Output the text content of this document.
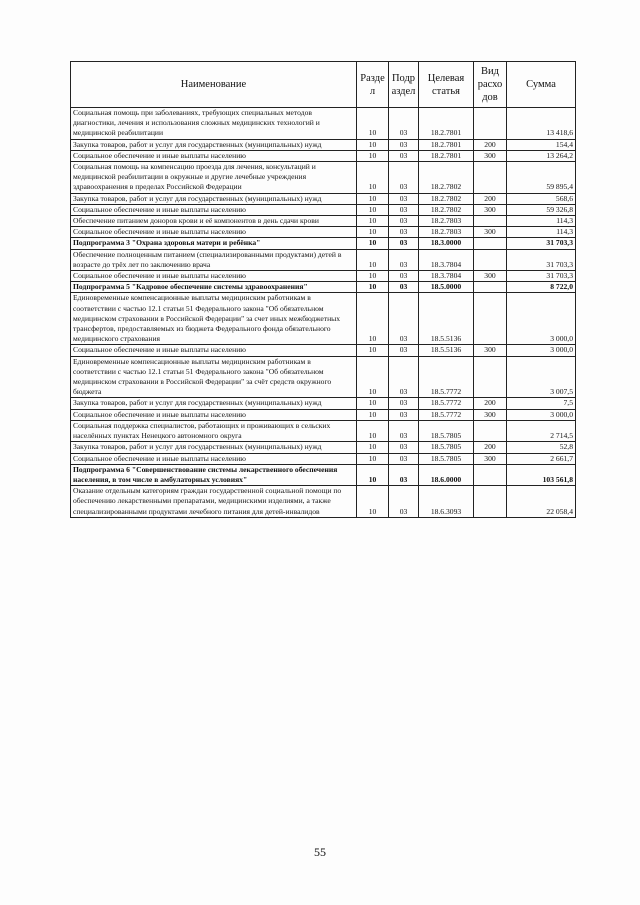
Наименование	Разде л	Подр аздел	Целевая статья	Вид расхо дов	Сумма
Социальная помощь при заболеваниях, требующих специальных методов диагностики, лечения и использования сложных медицинских технологий и медицинской реабилитации	10	03	18.2.7801		13 418,6
Закупка товаров, работ и услуг для государственных (муниципальных) нужд	10	03	18.2.7801	200	154,4
Социальное обеспечение и иные выплаты населению	10	03	18.2.7801	300	13 264,2
Социальная помощь на компенсацию проезда для лечения, консультаций и медицинской реабилитации в окружные и другие лечебные учреждения здравоохранения в пределах Российской Федерации	10	03	18.2.7802		59 895,4
Закупка товаров, работ и услуг для государственных (муниципальных) нужд	10	03	18.2.7802	200	568,6
Социальное обеспечение и иные выплаты населению	10	03	18.2.7802	300	59 326,8
Обеспечение питанием доноров крови и её компонентов в день сдачи крови	10	03	18.2.7803		114,3
Социальное обеспечение и иные выплаты населению	10	03	18.2.7803	300	114,3
Подпрограмма 3 "Охрана здоровья матери и ребёнка"	10	03	18.3.0000		31 703,3
Обеспечение полноценным питанием (специализированными продуктами) детей в возрасте до трёх лет по заключению врача	10	03	18.3.7804		31 703,3
Социальное обеспечение и иные выплаты населению	10	03	18.3.7804	300	31 703,3
Подпрограмма 5 "Кадровое обеспечение системы здравоохранения"	10	03	18.5.0000		8 722,0
Единовременные компенсационные выплаты медицинским работникам в соответствии с частью 12.1 статьи 51 Федерального закона "Об обязательном медицинском страховании в Российской Федерации" за счет иных межбюджетных трансфертов, предоставляемых из бюджета Федерального фонда обязательного медицинского страхования	10	03	18.5.5136		3 000,0
Социальное обеспечение и иные выплаты населению	10	03	18.5.5136	300	3 000,0
Единовременные компенсационные выплаты медицинским работникам в соответствии с частью 12.1 статьи 51 Федерального закона "Об обязательном медицинском страховании в Российской Федерации" за счёт средств окружного бюджета	10	03	18.5.7772		3 007,5
Закупка товаров, работ и услуг для государственных (муниципальных) нужд	10	03	18.5.7772	200	7,5
Социальное обеспечение и иные выплаты населению	10	03	18.5.7772	300	3 000,0
Социальная поддержка специалистов, работающих и проживающих в сельских населённых пунктах Ненецкого автономного округа	10	03	18.5.7805		2 714,5
Закупка товаров, работ и услуг для государственных (муниципальных) нужд	10	03	18.5.7805	200	52,8
Социальное обеспечение и иные выплаты населению	10	03	18.5.7805	300	2 661,7
Подпрограмма 6 "Совершенствование системы лекарственного обеспечения населения, в том числе в амбулаторных условиях"	10	03	18.6.0000		103 561,8
Оказание отдельным категориям граждан государственной социальной помощи по обеспечению лекарственными препаратами, медицинскими изделиями, а также специализированными продуктами лечебного питания для детей-инвалидов	10	03	18.6.3093		22 058,4
55
